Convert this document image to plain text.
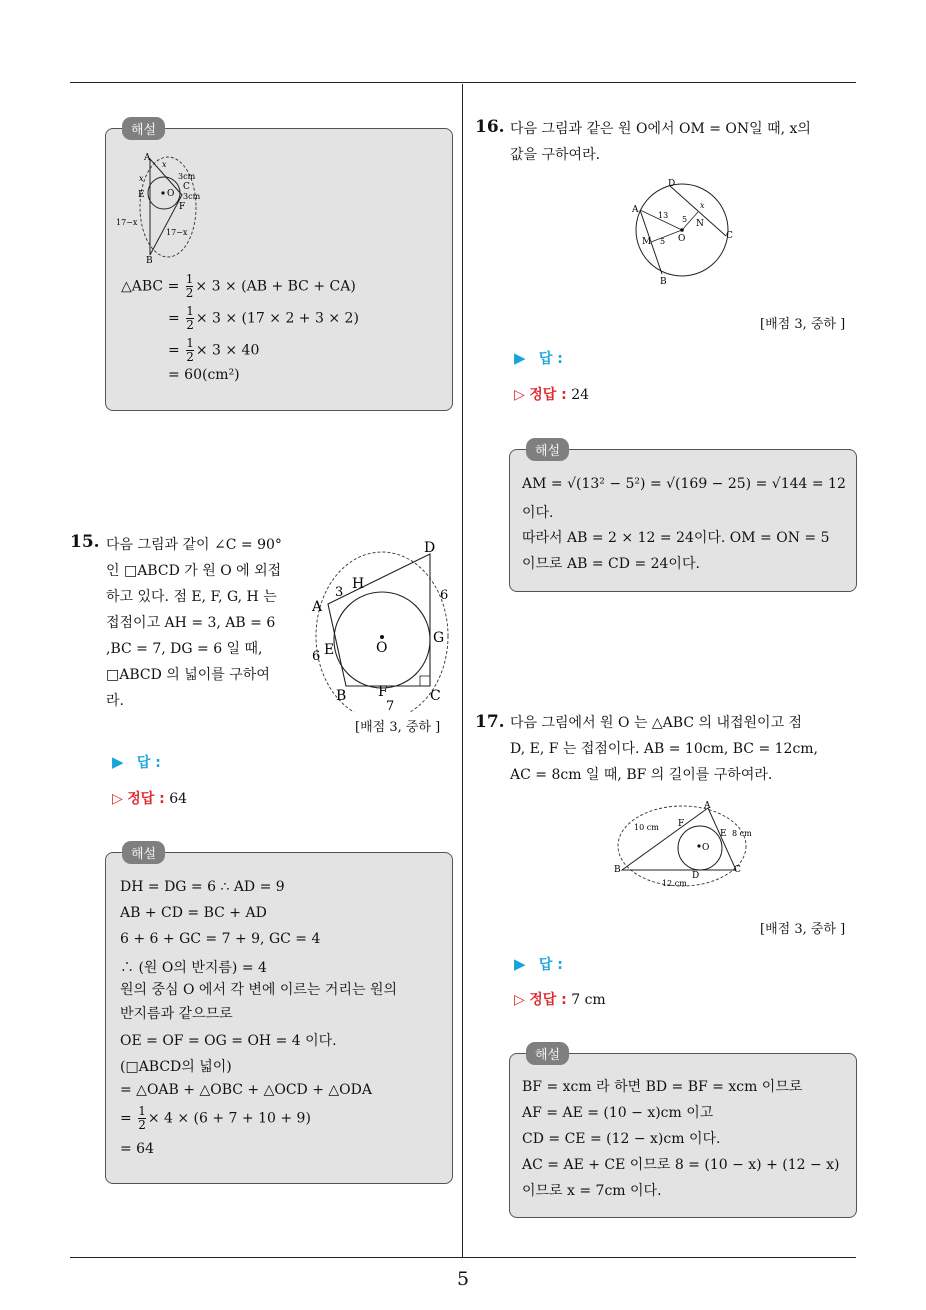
해설
A
O
E
C
F
B
x
x	3cm
3cm
17−x
17−x
△ABC = $\frac{1}{2} \times 3 \times (AB$ + BC + CA)
= $\frac{1}{2} \times 3 \times (17 \times 2 + 3 \times 2)$
= $\frac{1}{2} \times 3 \times 40$
= 60(cm²)
15. 다음 그림과 같이 ∠C = 90°
인 □ABCD 가 원 O 에 외접
하고 있다. 점 E, F, G, H 는
접점이고 AH = 3, AB = 6
,BC = 7, DG = 6 일 때,
□ABCD 의 넓이를 구하여
라.
D
H
3
A
6
G
O
6 E
B F	C
7
[배점 3, 중하 ]
▶ 답 :
▷ 정답 : 64
해설
DH = DG = 6 ∴ AD = 9
AB + CD = BC + AD
6 + 6 + GC = 7 + 9, GC = 4
∴ (원 O의 반지름) = 4
원의 중심 O 에서 각 변에 이르는 거리는 원의
반지름과 같으므로
OE = OF = OG = OH = 4 이다.
(□ABCD의 넓이)
= △OAB + △OBC + △OCD + △ODA
= $\frac{1}{2} \times 4 \times (6 + 7 + 10 + 9)$
= 64
16. 다음 그림과 같은 원 O에서 OM = ON일 때, x의
값을 구하여라.
D
A
13 5
x
N
C
M 5 O
B
[배점 3, 중하 ]
▶ 답 :
▷ 정답 : 24
해설
AM = √(13² − 5²) = √(169 − 25) = √144 = 12
이다.
따라서 AB = 2 × 12 = 24이다. OM = ON = 5
이므로 AB = CD = 24이다.
17. 다음 그림에서 원 O 는 △ABC 의 내접원이고 점
D, E, F 는 접점이다. AB = 10cm, BC = 12cm,
AC = 8cm 일 때, BF 의 길이를 구하여라.
A
F
E
O
10 cm
8 cm
B
D
C
12 cm
[배점 3, 중하 ]
▶ 답 :
▷ 정답 : 7 cm
해설
BF = xcm 라 하면 BD = BF = xcm 이므로
AF = AE = (10 − x)cm 이고
CD = CE = (12 − x)cm 이다.
AC = AE + CE 이므로 8 = (10 − x) + (12 − x)
이므로 x = 7cm 이다.
5
